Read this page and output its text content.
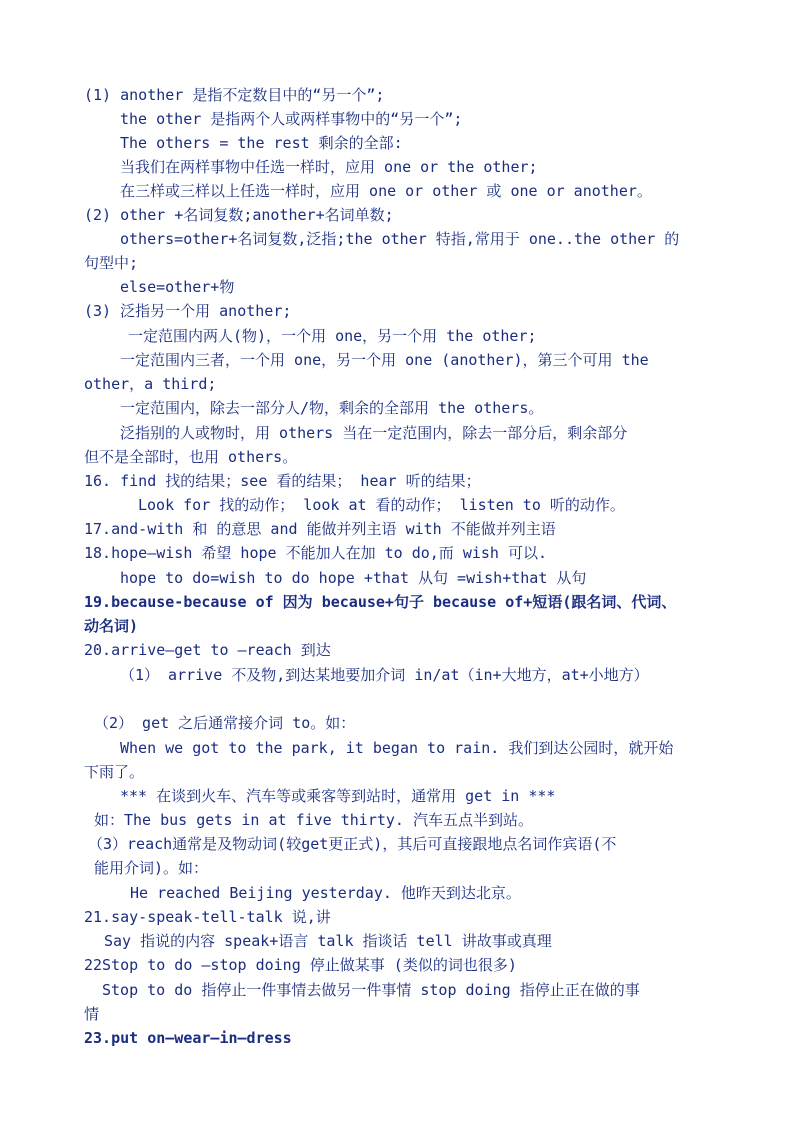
(1) another 是指不定数目中的“另一个”;
the other 是指两个人或两样事物中的“另一个”;
The others = the rest 剩余的全部:
当我们在两样事物中任选一样时，应用 one or the other;
在三样或三样以上任选一样时，应用 one or other 或 one or another。
(2) other +名词复数;another+名词单数;
others=other+名词复数,泛指;the other 特指,常用于 one..the other 的
句型中;
else=other+物
(3) 泛指另一个用 another;
一定范围内两人(物)，一个用 one，另一个用 the other;
一定范围内三者，一个用 one，另一个用 one (another)，第三个可用 the
other，a third;
一定范围内，除去一部分人/物，剩余的全部用 the others。
泛指别的人或物时，用 others 当在一定范围内，除去一部分后，剩余部分
但不是全部时，也用 others。
16. find 找的结果；see 看的结果； hear 听的结果；
Look for 找的动作； look at 看的动作； listen to 听的动作。
17.and-with 和 的意思 and 能做并列主语 with 不能做并列主语
18.hope—wish 希望 hope 不能加人在加 to do,而 wish 可以.
hope to do=wish to do hope +that 从句 =wish+that 从句
19.because-because of 因为 because+句子 because of+短语(跟名词、代词、
动名词)
20.arrive—get to –reach 到达
（1） arrive 不及物,到达某地要加介词 in/at（in+大地方，at+小地方）
（2） get 之后通常接介词 to。如：
When we got to the park, it began to rain. 我们到达公园时，就开始
下雨了。
*** 在谈到火车、汽车等或乘客等到站时，通常用 get in ***
如：The bus gets in at five thirty. 汽车五点半到站。
（3）reach通常是及物动词(较get更正式)，其后可直接跟地点名词作宾语(不
能用介词)。如：
He reached Beijing yesterday. 他昨天到达北京。
21.say-speak-tell-talk 说,讲
Say 指说的内容 speak+语言 talk 指谈话 tell 讲故事或真理
22Stop to do –stop doing 停止做某事 (类似的词也很多)
Stop to do 指停止一件事情去做另一件事情 stop doing 指停止正在做的事
情
23.put on—wear—in—dress
